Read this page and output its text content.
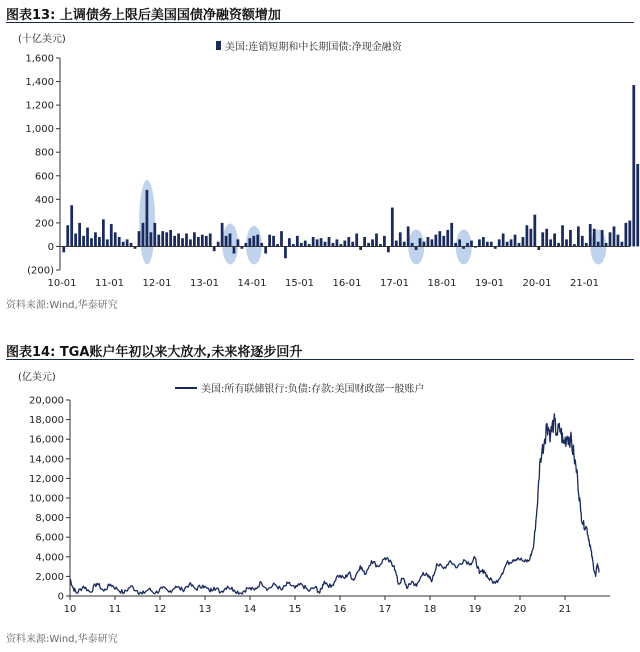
图表13: 上调债务上限后美国国债净融资额增加
(十亿美元)
美国:连销短期和中长期国债:净现金融资
(200)
0
200
400
600
800
1,000
1,200
1,400
1,600
10-01 11-01 12-01 13-01 14-01 15-01 16-01 17-01 18-01 19-01 20-01 21-01
资料来源:Wind,华泰研究
图表14: TGA账户年初以来大放水,未来将逐步回升
(亿美元)
美国:所有联储银行:负债:存款:美国财政部一般账户
0
2,000
4,000
6,000
8,000
10,000
12,000
14,000
16,000
18,000
20,000
10	11	12	13	14	15	16	17	18	19	20	21
资料来源:Wind,华泰研究
